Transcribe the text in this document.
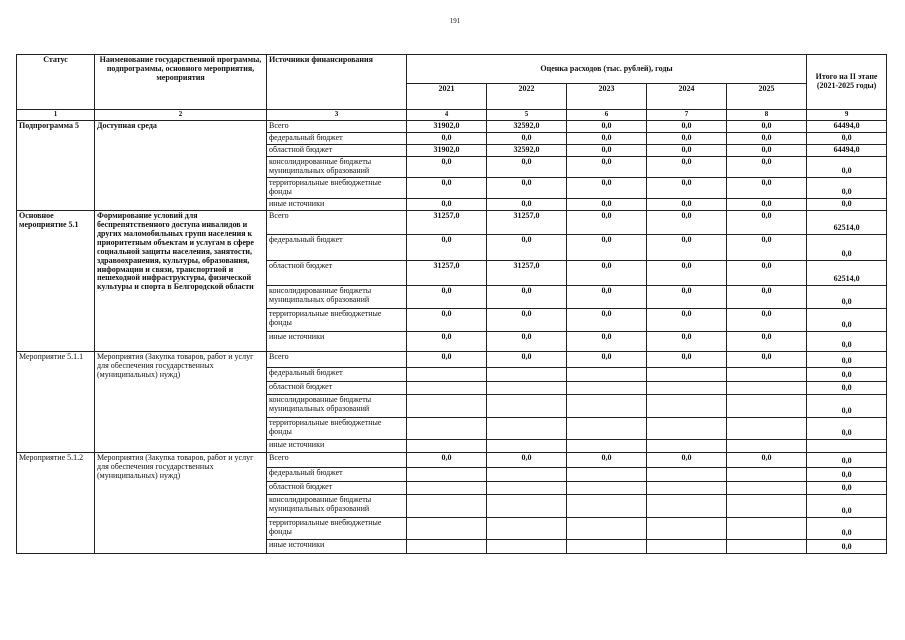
191
Статус	Наименование государственной программы, подпрограммы, основного мероприятия, мероприятия	Источники финансирования	Оценка расходов (тыс. рублей), годы					Итого на II этапе (2021-2025 годы)
			2021	2022	2023	2024	2025	
1	2	3	4	5	6	7	8	9
Подпрограмма 5	Доступная среда	Всего	31902,0	32592,0	0,0	0,0	0,0	64494,0
		федеральный бюджет	0,0	0,0	0,0	0,0	0,0	0,0
		областной бюджет	31902,0	32592,0	0,0	0,0	0,0	64494,0
		консолидированные бюджеты муниципальных образований	0,0	0,0	0,0	0,0	0,0	0,0
		территориальные внебюджетные фонды	0,0	0,0	0,0	0,0	0,0	0,0
		иные источники	0,0	0,0	0,0	0,0	0,0	0,0
Основное мероприятие 5.1	Формирование условий для беспрепятственного доступа инвалидов и других маломобильных групп населения к приоритетным объектам и услугам в сфере социальной защиты населения, занятости, здравоохранения, культуры, образования, информации и связи, транспортной и пешеходной инфраструктуры, физической культуры и спорта в Белгородской области	Всего	31257,0	31257,0	0,0	0,0	0,0	62514,0
		федеральный бюджет	0,0	0,0	0,0	0,0	0,0	0,0
		областной бюджет	31257,0	31257,0	0,0	0,0	0,0	62514,0
		консолидированные бюджеты муниципальных образований	0,0	0,0	0,0	0,0	0,0	0,0
		территориальные внебюджетные фонды	0,0	0,0	0,0	0,0	0,0	0,0
		иные источники	0,0	0,0	0,0	0,0	0,0	0,0
Мероприятие 5.1.1	Мероприятия (Закупка товаров, работ и услуг для обеспечения государственных (муниципальных) нужд)	Всего	0,0	0,0	0,0	0,0	0,0	0,0
		федеральный бюджет						0,0
		областной бюджет						0,0
		консолидированные бюджеты муниципальных образований						0,0
		территориальные внебюджетные фонды						0,0
		иные источники						
Мероприятие 5.1.2	Мероприятия (Закупка товаров, работ и услуг для обеспечения государственных (муниципальных) нужд)	Всего	0,0	0,0	0,0	0,0	0,0	0,0
		федеральный бюджет						0,0
		областной бюджет						0,0
		консолидированные бюджеты муниципальных образований						0,0
		территориальные внебюджетные фонды						0,0
		иные источники						0,0
